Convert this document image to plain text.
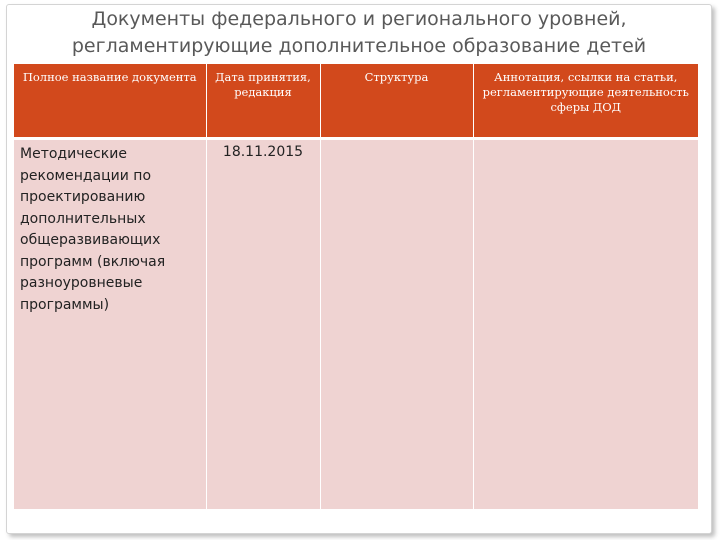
Документы федерального и регионального уровней,
регламентирующие дополнительное образование детей
Полное название документа	Дата принятия, редакция	Структура	Аннотация, ссылки на статьи, регламентирующие деятельность сферы ДОД
Методические рекомендации по проектированию дополнительных общеразвивающих программ (включая разноуровневые программы)	18.11.2015		
